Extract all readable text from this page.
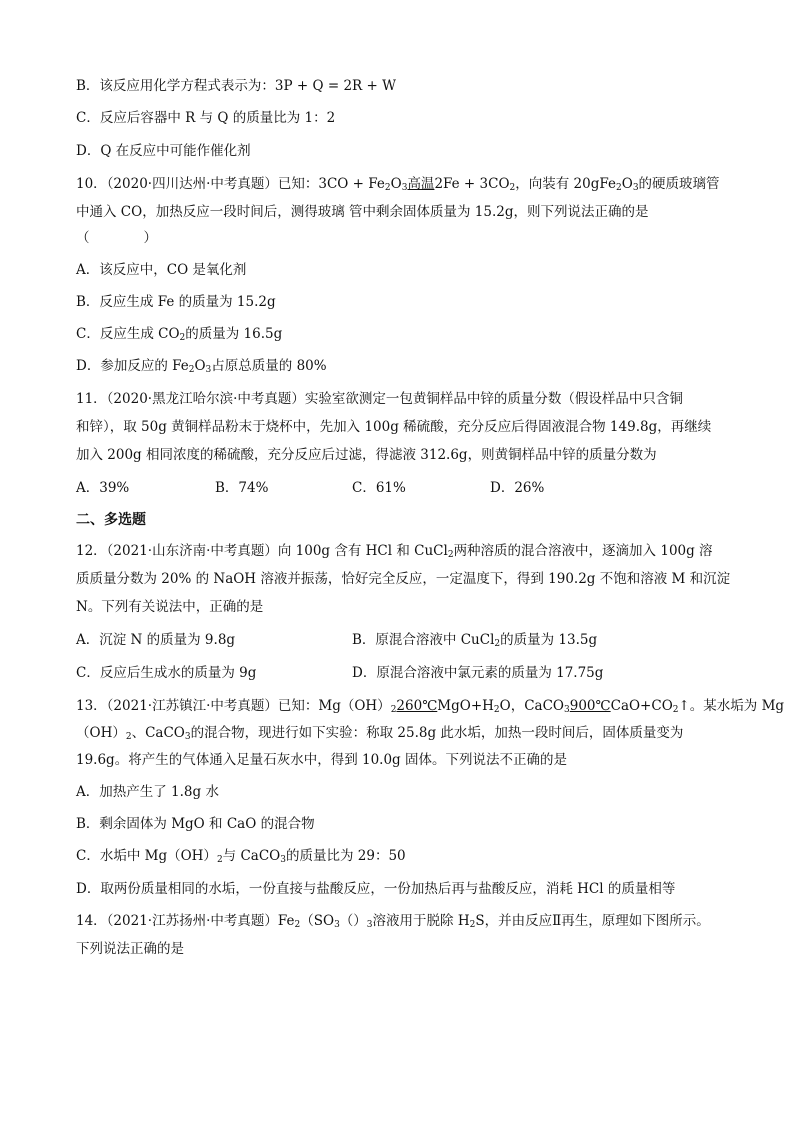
B．该反应用化学方程式表示为：3P + Q = 2R + W
C．反应后容器中 R 与 Q 的质量比为 1：2
D．Q 在反应中可能作催化剂
10．（2020·四川达州·中考真题）已知：$3CO + Fe_2O_3$高温$2Fe + 3CO_2$，向装有 $20gFe_2O_3$的硬质玻璃管
中通入 CO，加热反应一段时间后，测得玻璃 管中剩余固体质量为 15.2g，则下列说法正确的是
（　　　　）
A．该反应中，CO 是氧化剂
B．反应生成 Fe 的质量为 15.2g
C．反应生成 $CO_2$的质量为 16.5g
D．参加反应的 $Fe_2O_3$占原总质量的 80%
11．（2020·黑龙江哈尔滨·中考真题）实验室欲测定一包黄铜样品中锌的质量分数（假设样品中只含铜
和锌），取 50g 黄铜样品粉末于烧杯中，先加入 100g 稀硫酸，充分反应后得固液混合物 149.8g，再继续
加入 200g 相同浓度的稀硫酸，充分反应后过滤，得滤液 312.6g，则黄铜样品中锌的质量分数为
A．39%	B．74%	C．61%	D．26%
二、多选题
12．（2021·山东济南·中考真题）向 100g 含有 HCl 和 CuCl$_2$两种溶质的混合溶液中，逐滴加入 100g 溶
质质量分数为 20% 的 NaOH 溶液并振荡，恰好完全反应，一定温度下，得到 190.2g 不饱和溶液 M 和沉淀
N。下列有关说法中，正确的是
A．沉淀 N 的质量为 9.8g	B．原混合溶液中 CuCl$_2$的质量为 13.5g
C．反应后生成水的质量为 9g	D．原混合溶液中氯元素的质量为 17.75g
13．（2021·江苏镇江·中考真题）已知：$Mg(OH)_2260℃MgO+H_2O$，$CaCO_3900℃CaO+CO_2↑$。某水垢为 Mg
$(OH)_2$、CaCO$_3$的混合物，现进行如下实验：称取 25.8g 此水垢，加热一段时间后，固体质量变为
19.6g。将产生的气体通入足量石灰水中，得到 10.0g 固体。下列说法不正确的是
A．加热产生了 1.8g 水
B．剩余固体为 MgO 和 CaO 的混合物
C．水垢中 $Mg(OH)_2$与 CaCO$_3$的质量比为 29：50
D．取两份质量相同的水垢，一份直接与盐酸反应，一份加热后再与盐酸反应，消耗 HCl 的质量相等
14．（2021·江苏扬州·中考真题）$Fe_2(SO_3()_3$溶液用于脱除 $H_2S$，并由反应Ⅱ再生，原理如下图所示。
下列说法正确的是
